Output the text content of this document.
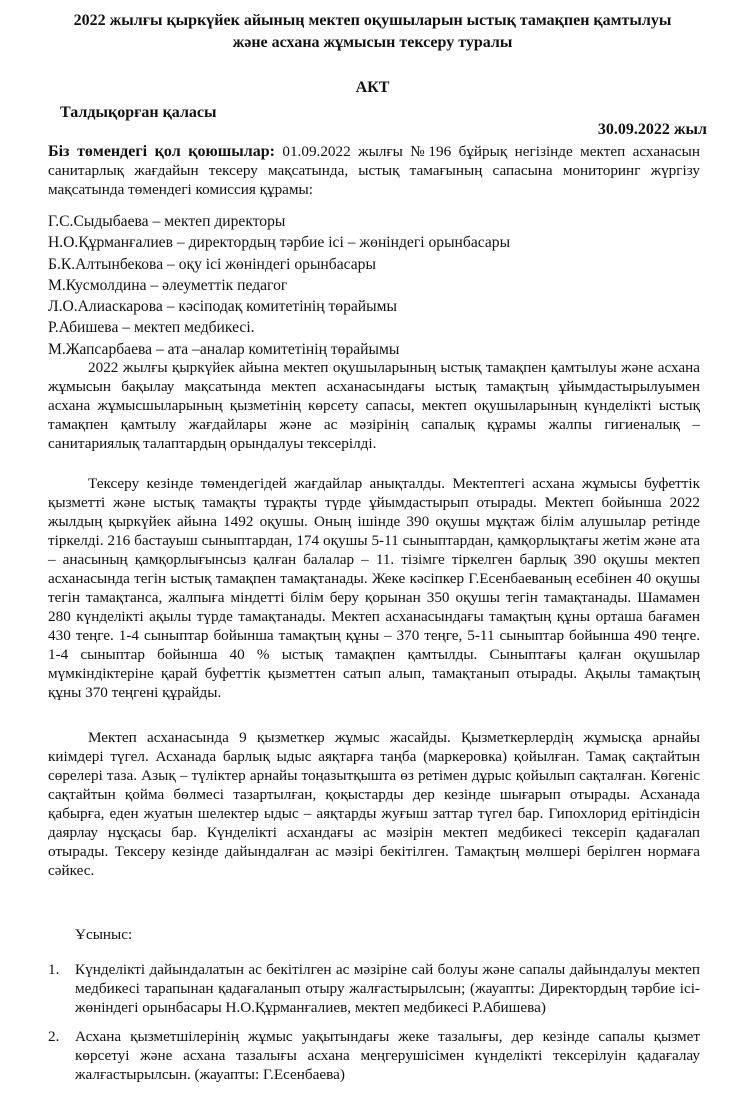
2022 жылғы қыркүйек айының мектеп оқушыларын ыстық тамақпен қамтылуы
және асхана жұмысын тексеру туралы
АКТ
Талдықорған қаласы
30.09.2022 жыл
Біз төмендегі қол қоюшылар: 01.09.2022 жылғы №196 бұйрық негізінде мектеп асханасын санитарлық жағдайын тексеру мақсатында, ыстық тамағының сапасына мониторинг жүргізу мақсатында төмендегі комиссия құрамы:
Г.С.Сыдыбаева – мектеп директоры
Н.О.Құрманғалиев – директордың тәрбие ісі – жөніндегі орынбасары
Б.К.Алтынбекова – оқу ісі жөніндегі орынбасары
М.Кусмолдина – әлеуметтік педагог
Л.О.Алиаскарова – кәсіподақ комитетінің төрайымы
Р.Абишева – мектеп медбикесі.
М.Жапсарбаева – ата –аналар комитетінің төрайымы
2022 жылғы қыркүйек айына мектеп оқушыларының ыстық тамақпен қамтылуы және асхана жұмысын бақылау мақсатында мектеп асханасындағы ыстық тамақтың ұйымдастырылуымен асхана жұмысшыларының қызметінің көрсету сапасы, мектеп оқушыларының күнделікті ыстық тамақпен қамтылу жағдайлары және ас мәзірінің сапалық құрамы жалпы гигиеналық – санитариялық талаптардың орындалуы тексерілді.
Тексеру кезінде төмендегідей жағдайлар анықталды. Мектептегі асхана жұмысы буфеттік қызметті және ыстық тамақты тұрақты түрде ұйымдастырып отырады. Мектеп бойынша 2022 жылдың қыркүйек айына 1492 оқушы. Оның ішінде 390 оқушы мұқтаж білім алушылар ретінде тіркелді. 216 бастауыш сыныптардан, 174 оқушы 5-11 сыныптардан, қамқорлықтағы жетім және ата – анасының қамқорлығынсыз қалған балалар – 11. тізімге тіркелген барлық 390 оқушы мектеп асханасында тегін ыстық тамақпен тамақтанады. Жеке кәсіпкер Г.Есенбаеваның есебінен 40 оқушы тегін тамақтанса, жалпыға міндетті білім беру қорынан 350 оқушы тегін тамақтанады. Шамамен 280 күнделікті ақылы түрде тамақтанады. Мектеп асханасындағы тамақтың құны орташа бағамен 430 теңге. 1-4 сыныптар бойынша тамақтың құны – 370 теңге, 5-11 сыныптар бойынша 490 теңге. 1-4 сыныптар бойынша 40 % ыстық тамақпен қамтылды. Сыныптағы қалған оқушылар мүмкіндіктеріне қарай буфеттік қызметтен сатып алып, тамақтанып отырады. Ақылы тамақтың құны 370 теңгені құрайды.
Мектеп асханасында 9 қызметкер жұмыс жасайды. Қызметкерлердің жұмысқа арнайы киімдері түгел. Асханада барлық ыдыс аяқтарға таңба (маркеровка) қойылған. Тамақ сақтайтын сөрелері таза. Азық – түліктер арнайы тоңазытқышта өз ретімен дұрыс қойылып сақталған. Көгеніс сақтайтын қойма бөлмесі тазартылған, қоқыстарды дер кезінде шығарып отырады. Асханада қабырға, еден жуатын шелектер ыдыс – аяқтарды жуғыш заттар түгел бар. Гипохлорид ерітіндісін даярлау нұсқасы бар. Күнделікті асхандағы ас мәзірін мектеп медбикесі тексеріп қадағалап отырады. Тексеру кезінде дайындалған ас мәзірі бекітілген. Тамақтың мөлшері берілген нормаға сәйкес.
Ұсыныс:
1. Күнделікті дайындалатын ас бекітілген ас мәзіріне сай болуы және сапалы дайындалуы мектеп медбикесі тарапынан қадағаланып отыру жалғастырылсын; (жауапты: Директордың тәрбие ісі- жөніндегі орынбасары Н.О.Құрманғалиев, мектеп медбикесі Р.Абишева)
2. Асхана қызметшілерінің жұмыс уақытындағы жеке тазалығы, дер кезінде сапалы қызмет көрсетуі және асхана тазалығы асхана меңгерушісімен күнделікті тексерілуін қадағалау жалғастырылсын. (жауапты: Г.Есенбаева)
